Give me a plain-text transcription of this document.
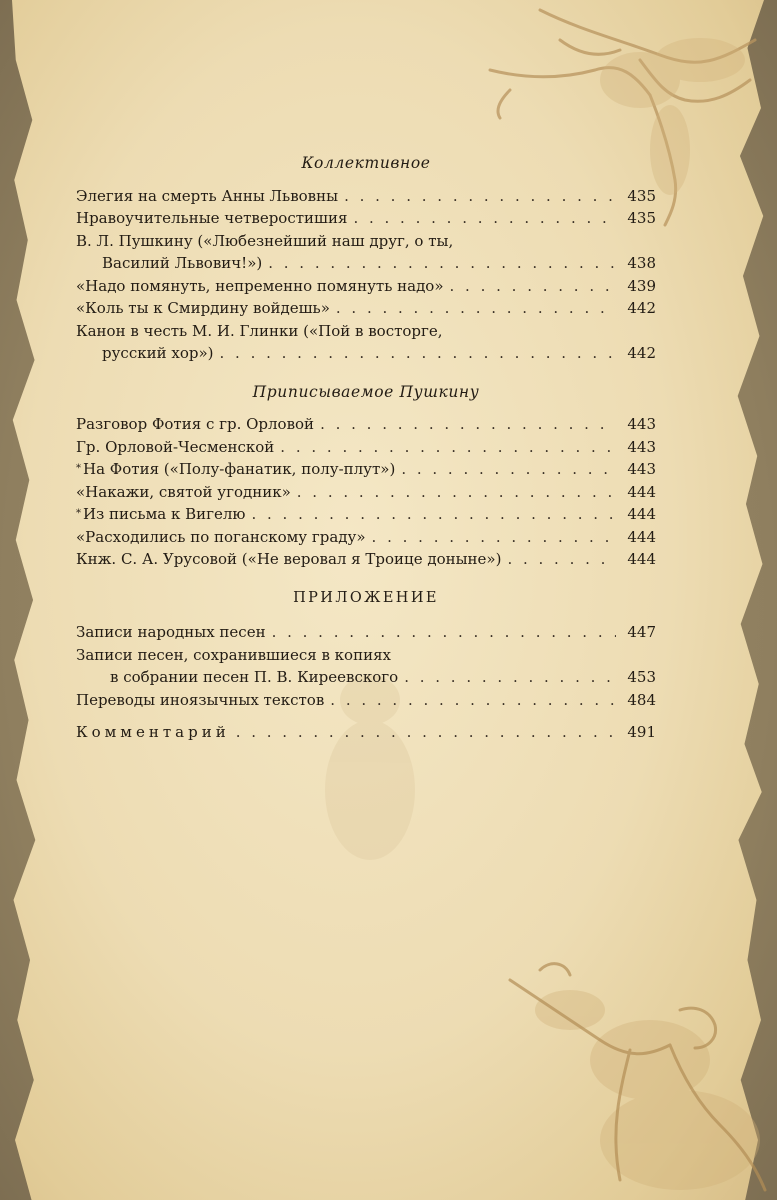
Коллективное
Элегия на смерть Анны Львовны . . .	435
Нравоучительные четверостишия . . .	435
В. Л. Пушкину («Любезнейший наш друг, о ты,
Василий Львович!») . . .	438
«Надо помянуть, непременно помянуть надо» . . .	439
«Коль ты к Смирдину войдешь» . . .	442
Канон в честь М. И. Глинки («Пой в восторге,
русский хор») . . .	442
Приписываемое Пушкину
Разговор Фотия с гр. Орловой . . .	443
Гр. Орловой-Чесменской . . .	443
* На Фотия («Полу-фанатик, полу-плут») . . .	443
«Накажи, святой угодник» . . .	444
* Из письма к Вигелю . . .	444
«Расходились по поганскому граду» . . .	444
Кнж. С. А. Урусовой («Не веровал я Троице доныне») . . .	444
ПРИЛОЖЕНИЕ
Записи народных песен . . .	447
Записи песен, сохранившиеся в копиях
в собрании песен П. В. Киреевского . . .	453
Переводы иноязычных текстов . . .	484
Комментарий . . .	491
